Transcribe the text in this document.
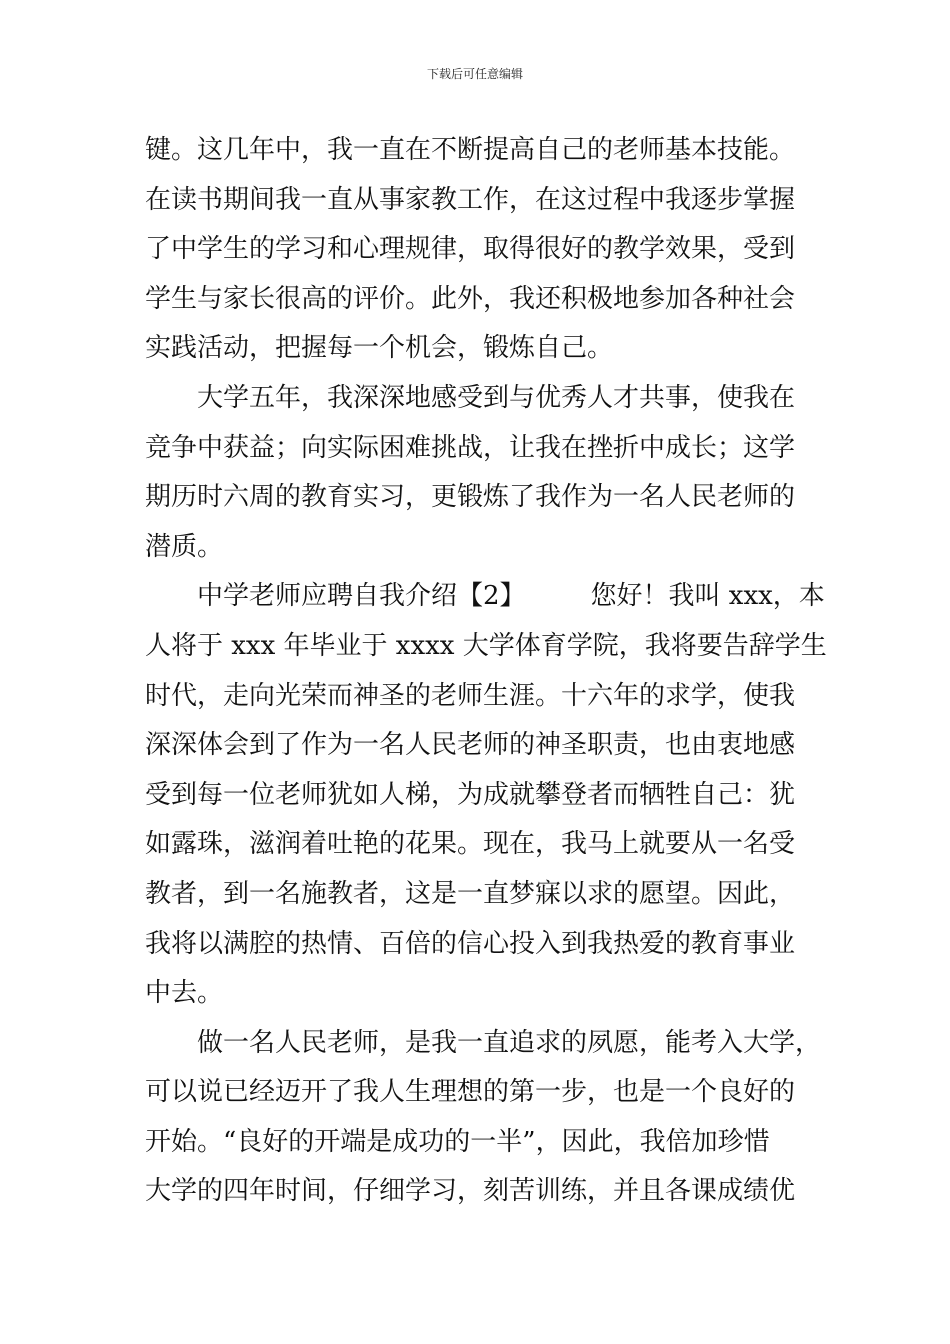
下载后可任意编辑
键。这几年中，我一直在不断提高自己的老师基本技能。
在读书期间我一直从事家教工作，在这过程中我逐步掌握
了中学生的学习和心理规律，取得很好的教学效果，受到
学生与家长很高的评价。此外，我还积极地参加各种社会
实践活动，把握每一个机会，锻炼自己。
　　大学五年，我深深地感受到与优秀人才共事，使我在
竞争中获益；向实际困难挑战，让我在挫折中成长；这学
期历时六周的教育实习，更锻炼了我作为一名人民老师的
潜质。
　　中学老师应聘自我介绍【2】　　　您好！我叫 xxx，本
人将于 xxx 年毕业于 xxxx 大学体育学院，我将要告辞学生
时代，走向光荣而神圣的老师生涯。十六年的求学，使我
深深体会到了作为一名人民老师的神圣职责，也由衷地感
受到每一位老师犹如人梯，为成就攀登者而牺牲自己：犹
如露珠，滋润着吐艳的花果。现在，我马上就要从一名受
教者，到一名施教者，这是一直梦寐以求的愿望。因此，
我将以满腔的热情、百倍的信心投入到我热爱的教育事业
中去。
　　做一名人民老师，是我一直追求的夙愿，能考入大学，
可以说已经迈开了我人生理想的第一步，也是一个良好的
开始。“良好的开端是成功的一半”，因此，我倍加珍惜
大学的四年时间，仔细学习，刻苦训练，并且各课成绩优
